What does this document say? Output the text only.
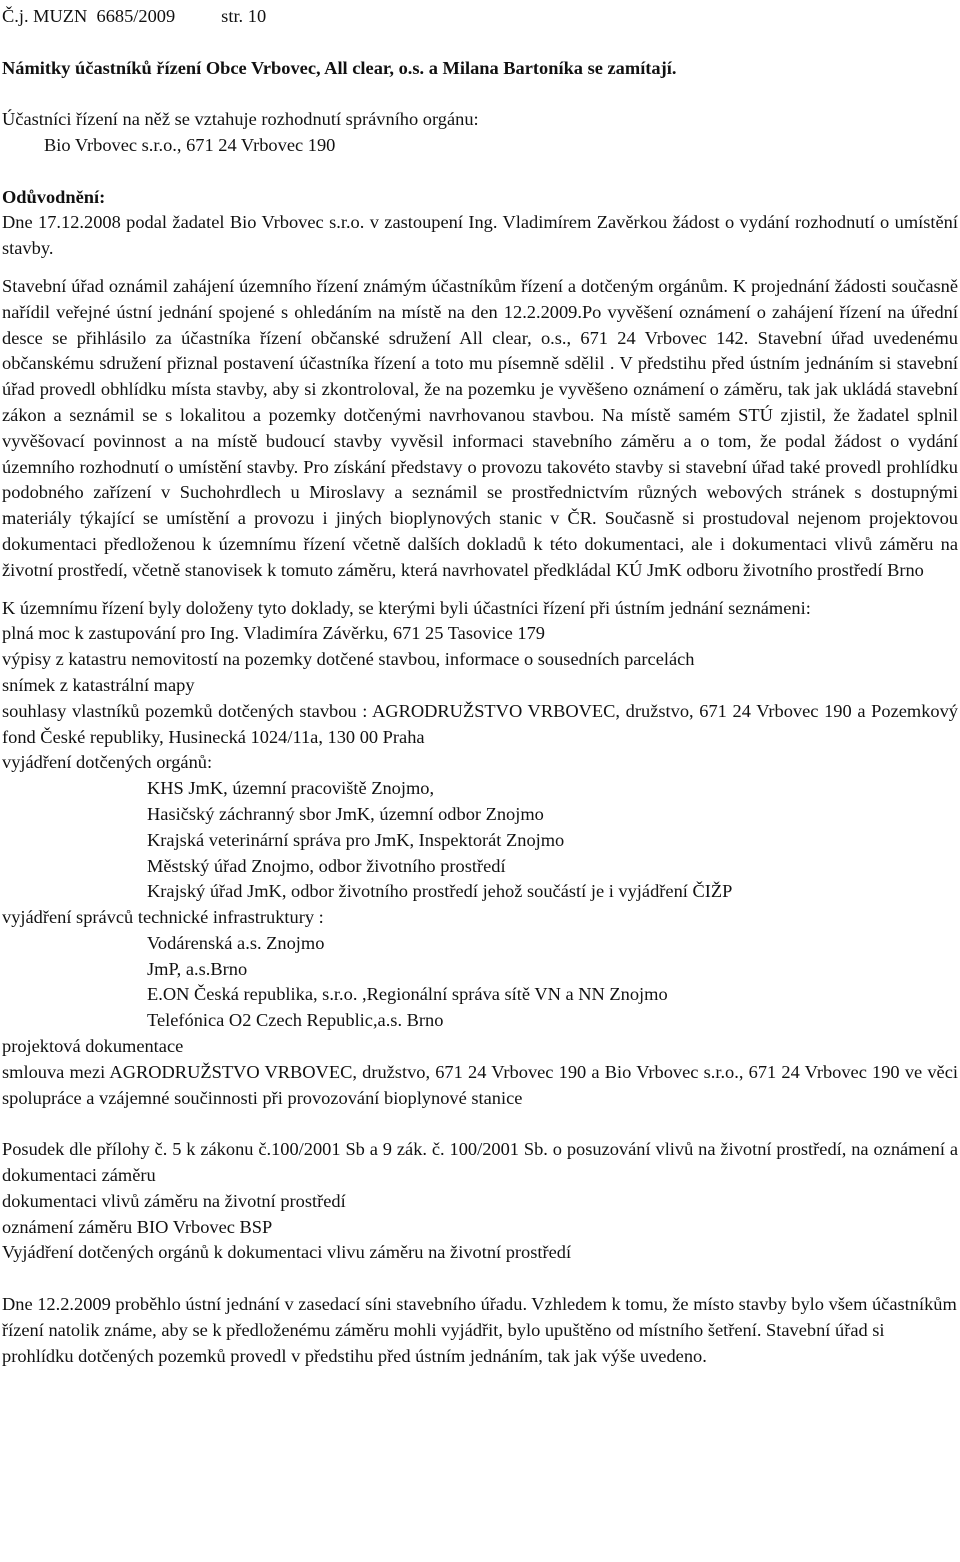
Č.j. MUZN  6685/2009 str. 10

Námitky účastníků řízení Obce Vrbovec, All clear, o.s. a Milana Bartoníka se zamítají.

Účastníci řízení na něž se vztahuje rozhodnutí správního orgánu:

Bio Vrbovec s.r.o., 671 24 Vrbovec 190

Odůvodnění:

Dne 17.12.2008 podal žadatel Bio Vrbovec s.r.o. v zastoupení Ing. Vladimírem Zavěrkou žádost o vydání rozhodnutí o umístění stavby.

Stavební úřad oznámil zahájení územního řízení známým účastníkům řízení a dotčeným orgánům. K projednání žádosti současně nařídil veřejné ústní jednání spojené s ohledáním na místě na den 12.2.2009.Po vyvěšení oznámení o zahájení řízení na úřední desce se přihlásilo za účastníka řízení občanské sdružení All clear, o.s., 671 24 Vrbovec 142. Stavební úřad uvedenému občanskému sdružení přiznal postavení účastníka řízení a toto mu písemně sdělil . V předstihu před ústním jednáním si stavební úřad provedl obhlídku místa stavby, aby si zkontroloval, že na pozemku je vyvěšeno oznámení o záměru, tak jak ukládá stavební zákon a seznámil se s lokalitou a pozemky dotčenými navrhovanou stavbou. Na místě samém STÚ zjistil, že žadatel splnil vyvěšovací povinnost a na místě budoucí stavby vyvěsil informaci stavebního záměru a o tom, že podal žádost o vydání územního rozhodnutí o umístění stavby. Pro získání představy o provozu takovéto stavby si stavební úřad také provedl prohlídku podobného zařízení v Suchohrdlech u Miroslavy a seznámil se prostřednictvím různých webových stránek s dostupnými materiály týkající se umístění a provozu i jiných bioplynových stanic v ČR. Současně si prostudoval nejenom projektovou dokumentaci předloženou k územnímu řízení včetně dalších dokladů k této dokumentaci, ale i dokumentaci vlivů záměru na životní prostředí, včetně stanovisek k tomuto záměru, která navrhovatel předkládal KÚ JmK odboru životního prostředí Brno

K územnímu řízení byly doloženy tyto doklady, se kterými byli účastníci řízení při ústním jednání seznámeni:

plná moc k zastupování pro Ing. Vladimíra Závěrku, 671 25 Tasovice 179

výpisy z katastru nemovitostí na pozemky dotčené stavbou, informace o sousedních parcelách

snímek z katastrální mapy

souhlasy vlastníků pozemků dotčených stavbou : AGRODRUŽSTVO VRBOVEC, družstvo, 671 24 Vrbovec 190 a Pozemkový fond České republiky, Husinecká 1024/11a, 130 00 Praha

vyjádření dotčených orgánů:

KHS JmK, územní pracoviště Znojmo,

Hasičský záchranný sbor JmK, územní odbor Znojmo

Krajská veterinární správa pro JmK, Inspektorát Znojmo

Městský úřad Znojmo, odbor životního prostředí

Krajský úřad JmK, odbor životního prostředí jehož součástí je i vyjádření ČIŽP

vyjádření správců technické infrastruktury :

Vodárenská a.s. Znojmo

JmP, a.s.Brno

E.ON Česká republika, s.r.o. ,Regionální správa sítě VN a NN Znojmo

Telefónica O2 Czech Republic,a.s. Brno

projektová dokumentace

smlouva mezi AGRODRUŽSTVO VRBOVEC, družstvo, 671 24 Vrbovec 190 a Bio Vrbovec s.r.o., 671 24 Vrbovec 190 ve věci spolupráce a vzájemné součinnosti při provozování bioplynové stanice

Posudek dle přílohy č. 5 k zákonu č.100/2001 Sb a 9 zák. č. 100/2001 Sb. o posuzování vlivů na životní prostředí, na oznámení a dokumentaci záměru

dokumentaci vlivů záměru na životní prostředí

oznámení záměru BIO Vrbovec BSP

Vyjádření dotčených orgánů k dokumentaci vlivu záměru na životní prostředí

Dne 12.2.2009 proběhlo ústní jednání v zasedací síni stavebního úřadu. Vzhledem k tomu, že místo stavby bylo všem účastníkům řízení natolik známe, aby se k předloženému záměru mohli vyjádřit, bylo upuštěno od místního šetření. Stavební úřad si prohlídku dotčených pozemků provedl v předstihu před ústním jednáním, tak jak výše uvedeno.
